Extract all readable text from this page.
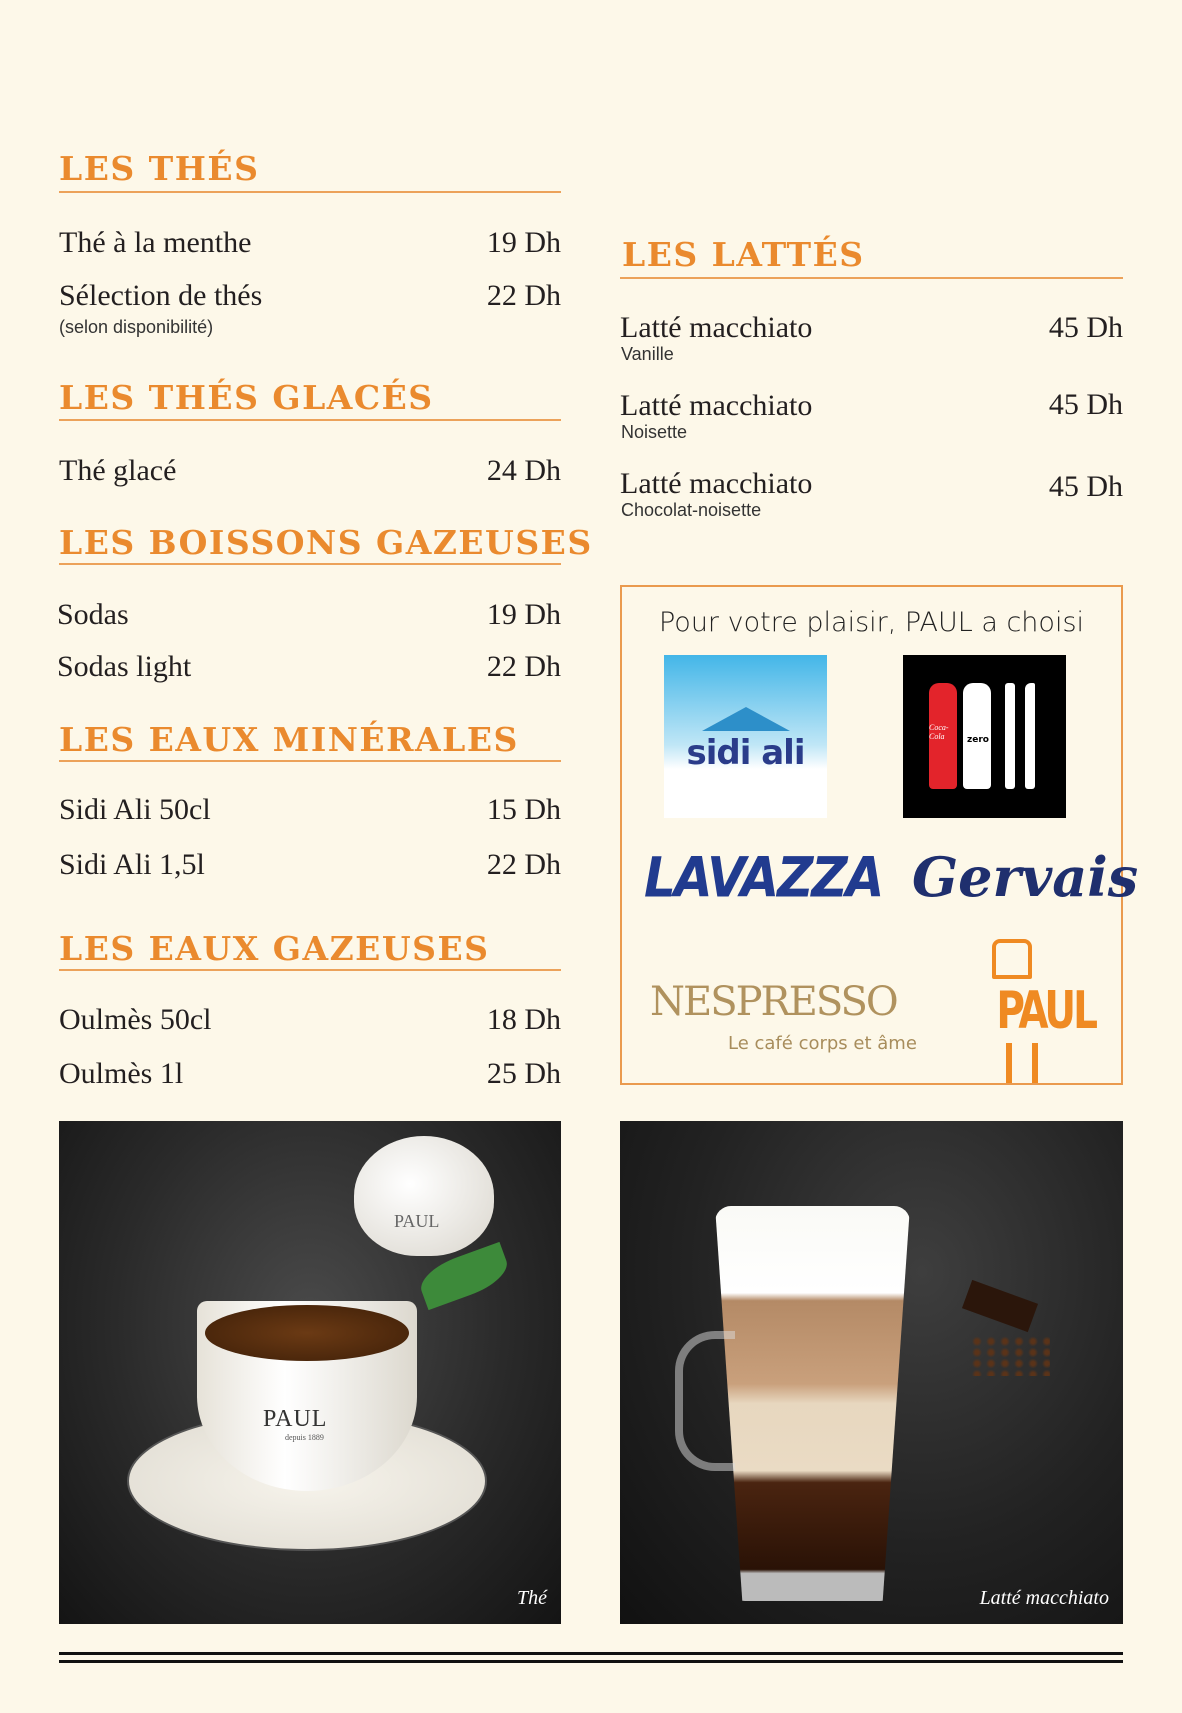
LES THÉS
Thé à la menthe	19 Dh
Sélection de thés	22 Dh
(selon disponibilité)
LES THÉS GLACÉS
Thé glacé	24 Dh
LES BOISSONS GAZEUSES
Sodas	19 Dh
Sodas light	22 Dh
LES EAUX MINÉRALES
Sidi Ali 50cl	15 Dh
Sidi Ali 1,5l	22 Dh
LES EAUX GAZEUSES
Oulmès 50cl	18 Dh
Oulmès 1l	25 Dh
LES LATTÉS
Latté macchiato	45 Dh
Vanille
Latté macchiato	45 Dh
Noisette
Latté macchiato	45 Dh
Chocolat-noisette
Pour votre plaisir, PAUL a choisi
sidi ali
Coca-Cola	zero
LAVAZZA Gervais
NESPRESSO
Le café corps et âme
PAUL
PAUL
PAUL
depuis 1889
Thé	Latté macchiato
